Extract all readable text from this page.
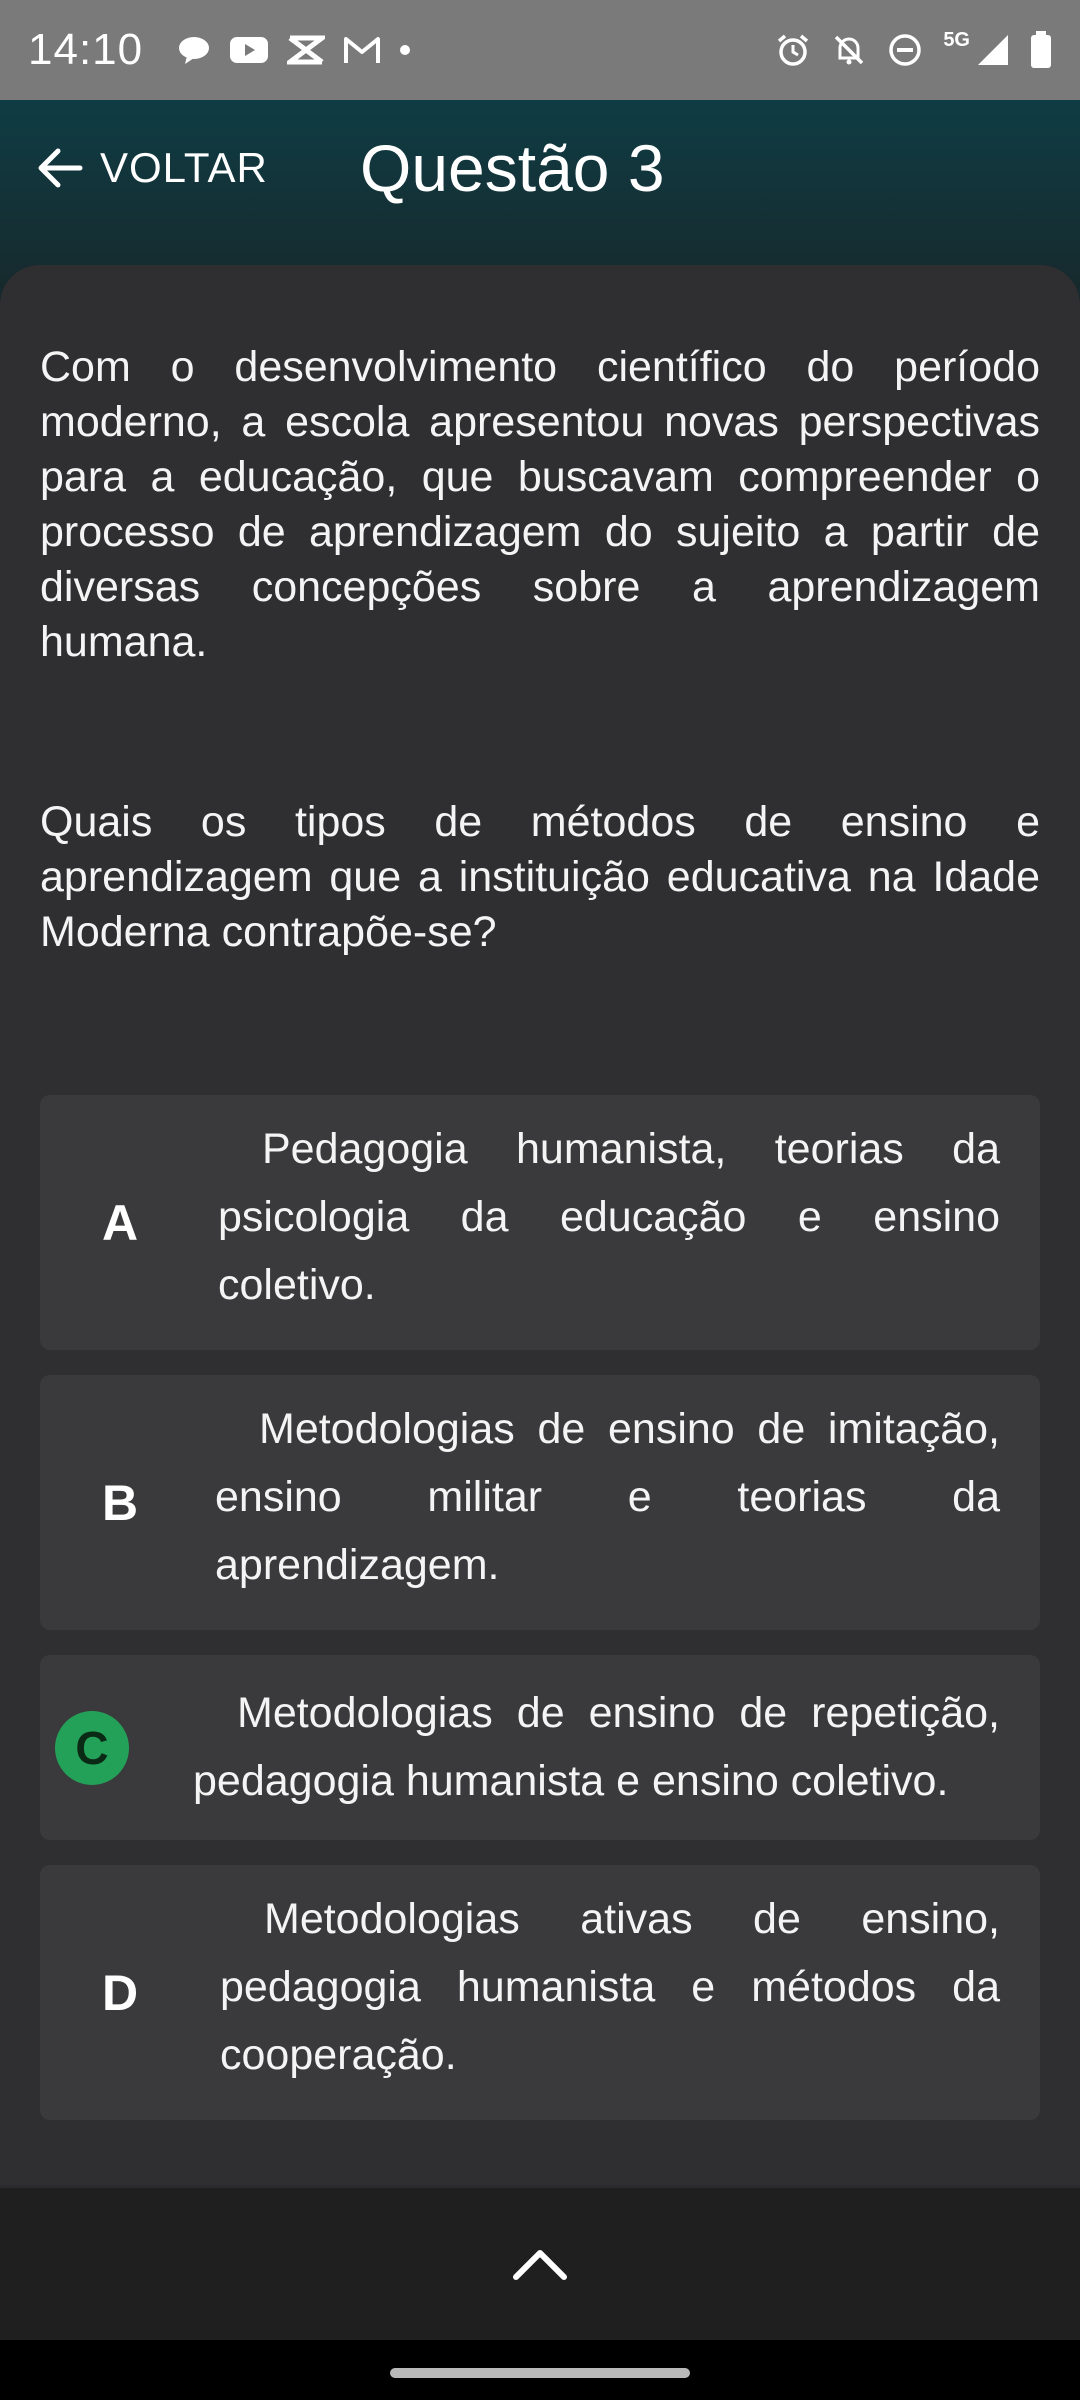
14:10	5G
VOLTAR Questão 3
Com o desenvolvimento científico do período moderno, a escola apresentou novas perspectivas para a educação, que buscavam compreender o processo de aprendizagem do sujeito a partir de diversas concepções sobre a aprendizagem humana.
Quais os tipos de métodos de ensino e aprendizagem que a instituição educativa na Idade Moderna contrapõe-se?
A
Pedagogia humanista, teorias da psicologia da educação e ensino coletivo.
B
Metodologias de ensino de imitação, ensino militar e teorias da aprendizagem.
C
Metodologias de ensino de repetição, pedagogia humanista e ensino coletivo.
D
Metodologias ativas de ensino, pedagogia humanista e métodos da cooperação.
